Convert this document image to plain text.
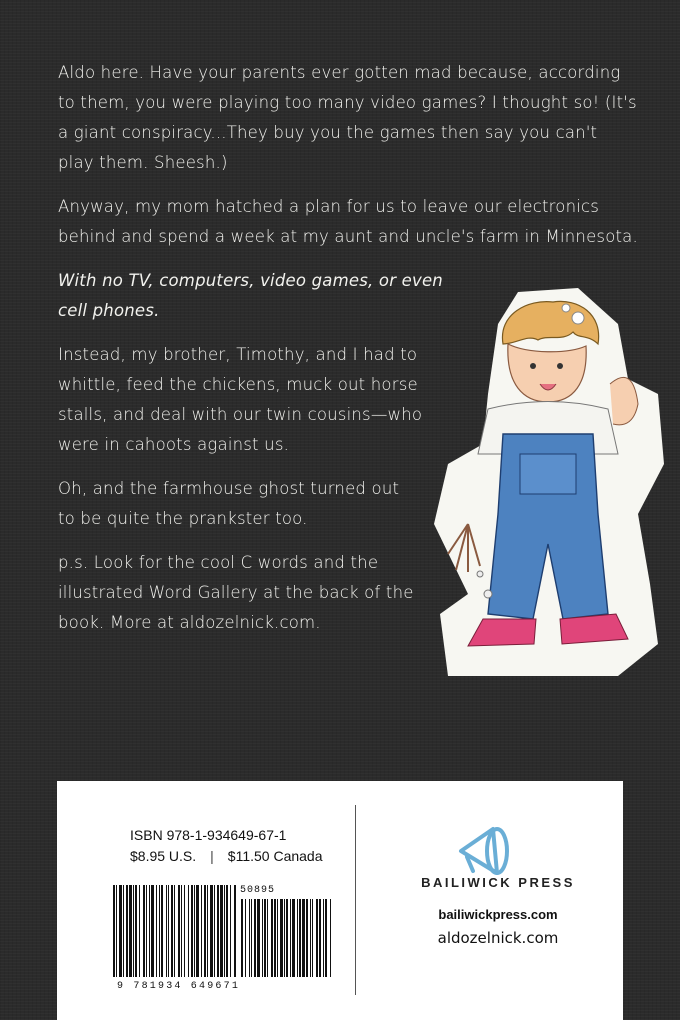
Aldo here. Have your parents ever gotten mad because, according to them, you were playing too many video games? I thought so! (It's a giant conspiracy...They buy you the games then say you can't play them. Sheesh.)

Anyway, my mom hatched a plan for us to leave our electronics behind and spend a week at my aunt and uncle's farm in Minnesota.

With no TV, computers, video games, or even cell phones.

Instead, my brother, Timothy, and I had to whittle, feed the chickens, muck out horse stalls, and deal with our twin cousins—who were in cahoots against us.

Oh, and the farmhouse ghost turned out to be quite the prankster too.

p.s. Look for the cool C words and the illustrated Word Gallery at the back of the book. More at aldozelnick.com.

ISBN 978-1-934649-67-1
$8.95 U.S. | $11.50 Canada
50895
9 781934 649671
BAILIWICK PRESS
bailiwickpress.com
aldozelnick.com
